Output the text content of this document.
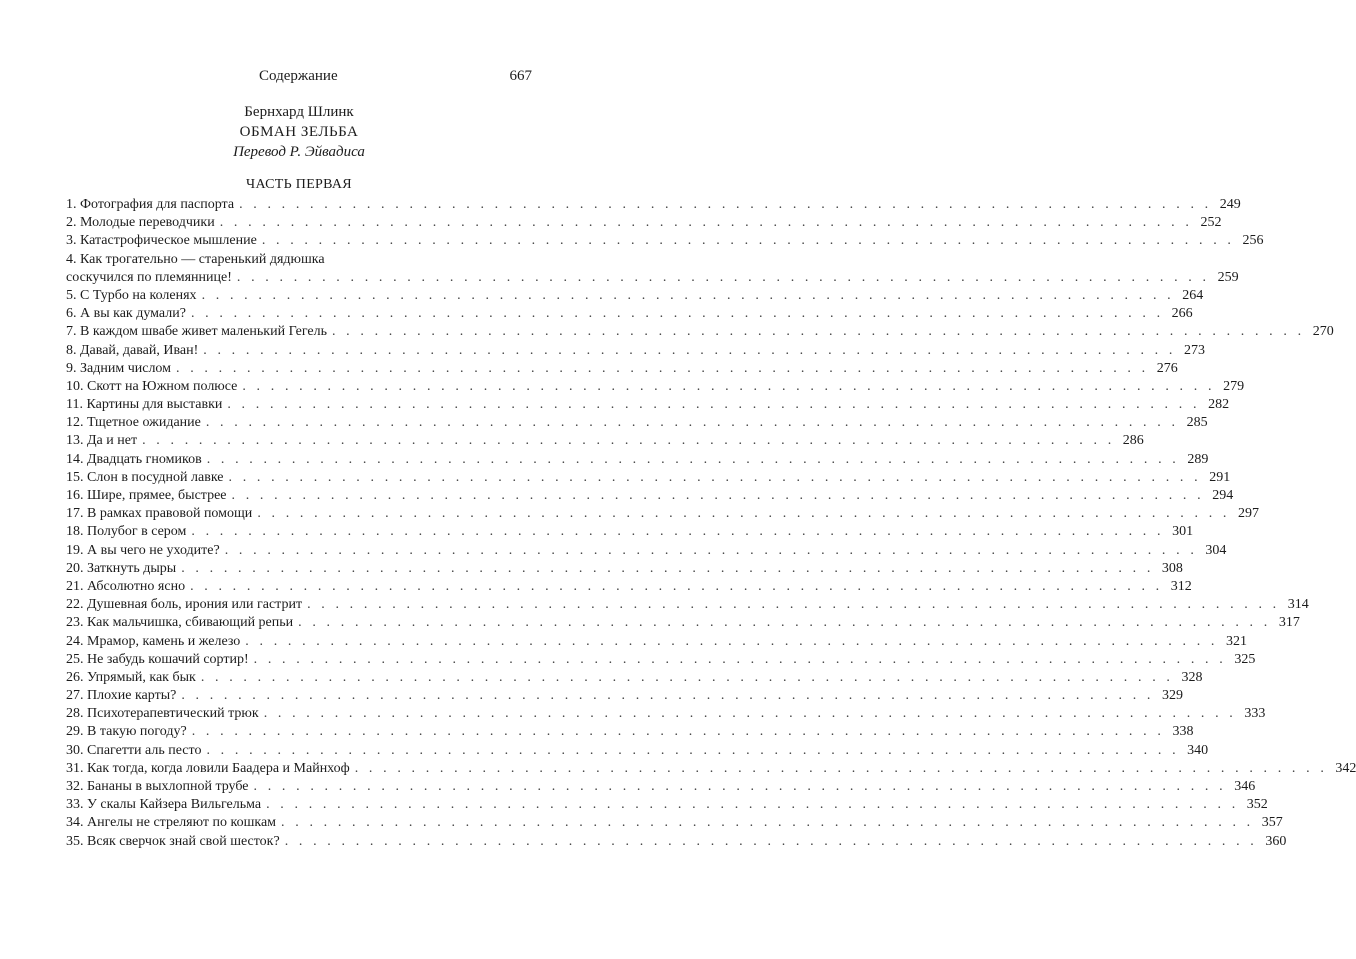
Содержание	667
Бернхард Шлинк
ОБМАН ЗЕЛЬБА
Перевод Р. Эйвадиса
ЧАСТЬ ПЕРВАЯ
1. Фотография для паспорта . . . . . . . . . . . . . . . . . . . . . . . . . . . . . . . . . . . . . . . . . . . . . . . . . . . . . . . . . . . . . . . . . . . . . 249
2. Молодые переводчики . . . . . . . . . . . . . . . . . . . . . . . . . . . . . . . . . . . . . . . . . . . . . . . . . . . . . . . . . . . . . . . . . . . . . 252
3. Катастрофическое мышление . . . . . . . . . . . . . . . . . . . . . . . . . . . . . . . . . . . . . . . . . . . . . . . . . . . . . . . . . . . . . . . . . . . . . 256
4. Как трогательно — старенький дядюшка
соскучился по племяннице! . . . . . . . . . . . . . . . . . . . . . . . . . . . . . . . . . . . . . . . . . . . . . . . . . . . . . . . . . . . . . . . . . . . . . 259
5. С Турбо на коленях . . . . . . . . . . . . . . . . . . . . . . . . . . . . . . . . . . . . . . . . . . . . . . . . . . . . . . . . . . . . . . . . . . . . . 264
6. А вы как думали? . . . . . . . . . . . . . . . . . . . . . . . . . . . . . . . . . . . . . . . . . . . . . . . . . . . . . . . . . . . . . . . . . . . . . 266
7. В каждом швабе живет маленький Гегель . . . . . . . . . . . . . . . . . . . . . . . . . . . . . . . . . . . . . . . . . . . . . . . . . . . . . . . . . . . . . . . . . . . . . 270
8. Давай, давай, Иван! . . . . . . . . . . . . . . . . . . . . . . . . . . . . . . . . . . . . . . . . . . . . . . . . . . . . . . . . . . . . . . . . . . . . . 273
9. Задним числом . . . . . . . . . . . . . . . . . . . . . . . . . . . . . . . . . . . . . . . . . . . . . . . . . . . . . . . . . . . . . . . . . . . . . 276
10. Скотт на Южном полюсе . . . . . . . . . . . . . . . . . . . . . . . . . . . . . . . . . . . . . . . . . . . . . . . . . . . . . . . . . . . . . . . . . . . . . 279
11. Картины для выставки . . . . . . . . . . . . . . . . . . . . . . . . . . . . . . . . . . . . . . . . . . . . . . . . . . . . . . . . . . . . . . . . . . . . . 282
12. Тщетное ожидание . . . . . . . . . . . . . . . . . . . . . . . . . . . . . . . . . . . . . . . . . . . . . . . . . . . . . . . . . . . . . . . . . . . . . 285
13. Да и нет . . . . . . . . . . . . . . . . . . . . . . . . . . . . . . . . . . . . . . . . . . . . . . . . . . . . . . . . . . . . . . . . . . . . . 286
14. Двадцать гномиков . . . . . . . . . . . . . . . . . . . . . . . . . . . . . . . . . . . . . . . . . . . . . . . . . . . . . . . . . . . . . . . . . . . . . 289
15. Слон в посудной лавке . . . . . . . . . . . . . . . . . . . . . . . . . . . . . . . . . . . . . . . . . . . . . . . . . . . . . . . . . . . . . . . . . . . . . 291
16. Шире, прямее, быстрее . . . . . . . . . . . . . . . . . . . . . . . . . . . . . . . . . . . . . . . . . . . . . . . . . . . . . . . . . . . . . . . . . . . . . 294
17. В рамках правовой помощи . . . . . . . . . . . . . . . . . . . . . . . . . . . . . . . . . . . . . . . . . . . . . . . . . . . . . . . . . . . . . . . . . . . . . 297
18. Полубог в сером . . . . . . . . . . . . . . . . . . . . . . . . . . . . . . . . . . . . . . . . . . . . . . . . . . . . . . . . . . . . . . . . . . . . . 301
19. А вы чего не уходите? . . . . . . . . . . . . . . . . . . . . . . . . . . . . . . . . . . . . . . . . . . . . . . . . . . . . . . . . . . . . . . . . . . . . . 304
20. Заткнуть дыры . . . . . . . . . . . . . . . . . . . . . . . . . . . . . . . . . . . . . . . . . . . . . . . . . . . . . . . . . . . . . . . . . . . . . 308
21. Абсолютно ясно . . . . . . . . . . . . . . . . . . . . . . . . . . . . . . . . . . . . . . . . . . . . . . . . . . . . . . . . . . . . . . . . . . . . . 312
22. Душевная боль, ирония или гастрит . . . . . . . . . . . . . . . . . . . . . . . . . . . . . . . . . . . . . . . . . . . . . . . . . . . . . . . . . . . . . . . . . . . . . 314
23. Как мальчишка, сбивающий репьи . . . . . . . . . . . . . . . . . . . . . . . . . . . . . . . . . . . . . . . . . . . . . . . . . . . . . . . . . . . . . . . . . . . . . 317
24. Мрамор, камень и железо . . . . . . . . . . . . . . . . . . . . . . . . . . . . . . . . . . . . . . . . . . . . . . . . . . . . . . . . . . . . . . . . . . . . . 321
25. Не забудь кошачий сортир! . . . . . . . . . . . . . . . . . . . . . . . . . . . . . . . . . . . . . . . . . . . . . . . . . . . . . . . . . . . . . . . . . . . . . 325
26. Упрямый, как бык . . . . . . . . . . . . . . . . . . . . . . . . . . . . . . . . . . . . . . . . . . . . . . . . . . . . . . . . . . . . . . . . . . . . . 328
27. Плохие карты? . . . . . . . . . . . . . . . . . . . . . . . . . . . . . . . . . . . . . . . . . . . . . . . . . . . . . . . . . . . . . . . . . . . . . 329
28. Психотерапевтический трюк . . . . . . . . . . . . . . . . . . . . . . . . . . . . . . . . . . . . . . . . . . . . . . . . . . . . . . . . . . . . . . . . . . . . . 333
29. В такую погоду? . . . . . . . . . . . . . . . . . . . . . . . . . . . . . . . . . . . . . . . . . . . . . . . . . . . . . . . . . . . . . . . . . . . . . 338
30. Спагетти аль песто . . . . . . . . . . . . . . . . . . . . . . . . . . . . . . . . . . . . . . . . . . . . . . . . . . . . . . . . . . . . . . . . . . . . . 340
31. Как тогда, когда ловили Баадера и Майнхоф . . . . . . . . . . . . . . . . . . . . . . . . . . . . . . . . . . . . . . . . . . . . . . . . . . . . . . . . . . . . . . . . . . . . . 342
32. Бананы в выхлопной трубе . . . . . . . . . . . . . . . . . . . . . . . . . . . . . . . . . . . . . . . . . . . . . . . . . . . . . . . . . . . . . . . . . . . . . 346
33. У скалы Кайзера Вильгельма . . . . . . . . . . . . . . . . . . . . . . . . . . . . . . . . . . . . . . . . . . . . . . . . . . . . . . . . . . . . . . . . . . . . . 352
34. Ангелы не стреляют по кошкам . . . . . . . . . . . . . . . . . . . . . . . . . . . . . . . . . . . . . . . . . . . . . . . . . . . . . . . . . . . . . . . . . . . . . 357
35. Всяк сверчок знай свой шесток? . . . . . . . . . . . . . . . . . . . . . . . . . . . . . . . . . . . . . . . . . . . . . . . . . . . . . . . . . . . . . . . . . . . . . 360
